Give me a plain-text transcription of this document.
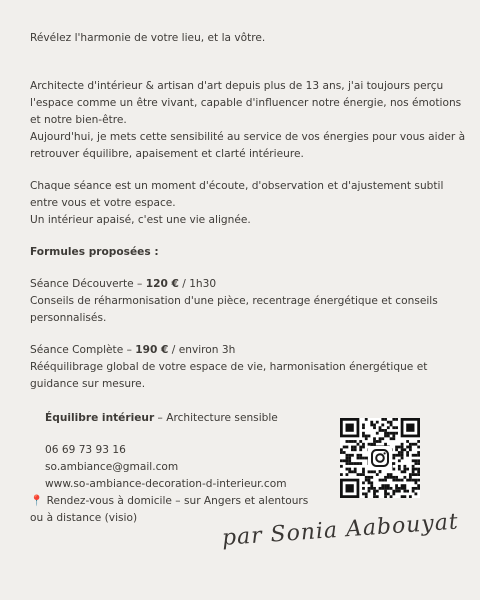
Révélez l'harmonie de votre lieu, et la vôtre.

Architecte d'intérieur & artisan d'art depuis plus de 13 ans, j'ai toujours perçu

l'espace comme un être vivant, capable d'influencer notre énergie, nos émotions

et notre bien-être.

Aujourd'hui, je mets cette sensibilité au service de vos énergies pour vous aider à

retrouver équilibre, apaisement et clarté intérieure.

Chaque séance est un moment d'écoute, d'observation et d'ajustement subtil

entre vous et votre espace.

Un intérieur apaisé, c'est une vie alignée.

Formules proposées :

Séance Découverte – 120 € / 1h30

Conseils de réharmonisation d'une pièce, recentrage énergétique et conseils

personnalisés.

Séance Complète – 190 € / environ 3h

Rééquilibrage global de votre espace de vie, harmonisation énergétique et

guidance sur mesure.

Équilibre intérieur – Architecture sensible

06 69 73 93 16

so.ambiance@gmail.com

www.so-ambiance-decoration-d-interieur.com

📍 Rendez-vous à domicile – sur Angers et alentours

ou à distance (visio)	par Sonia Aabouyat
